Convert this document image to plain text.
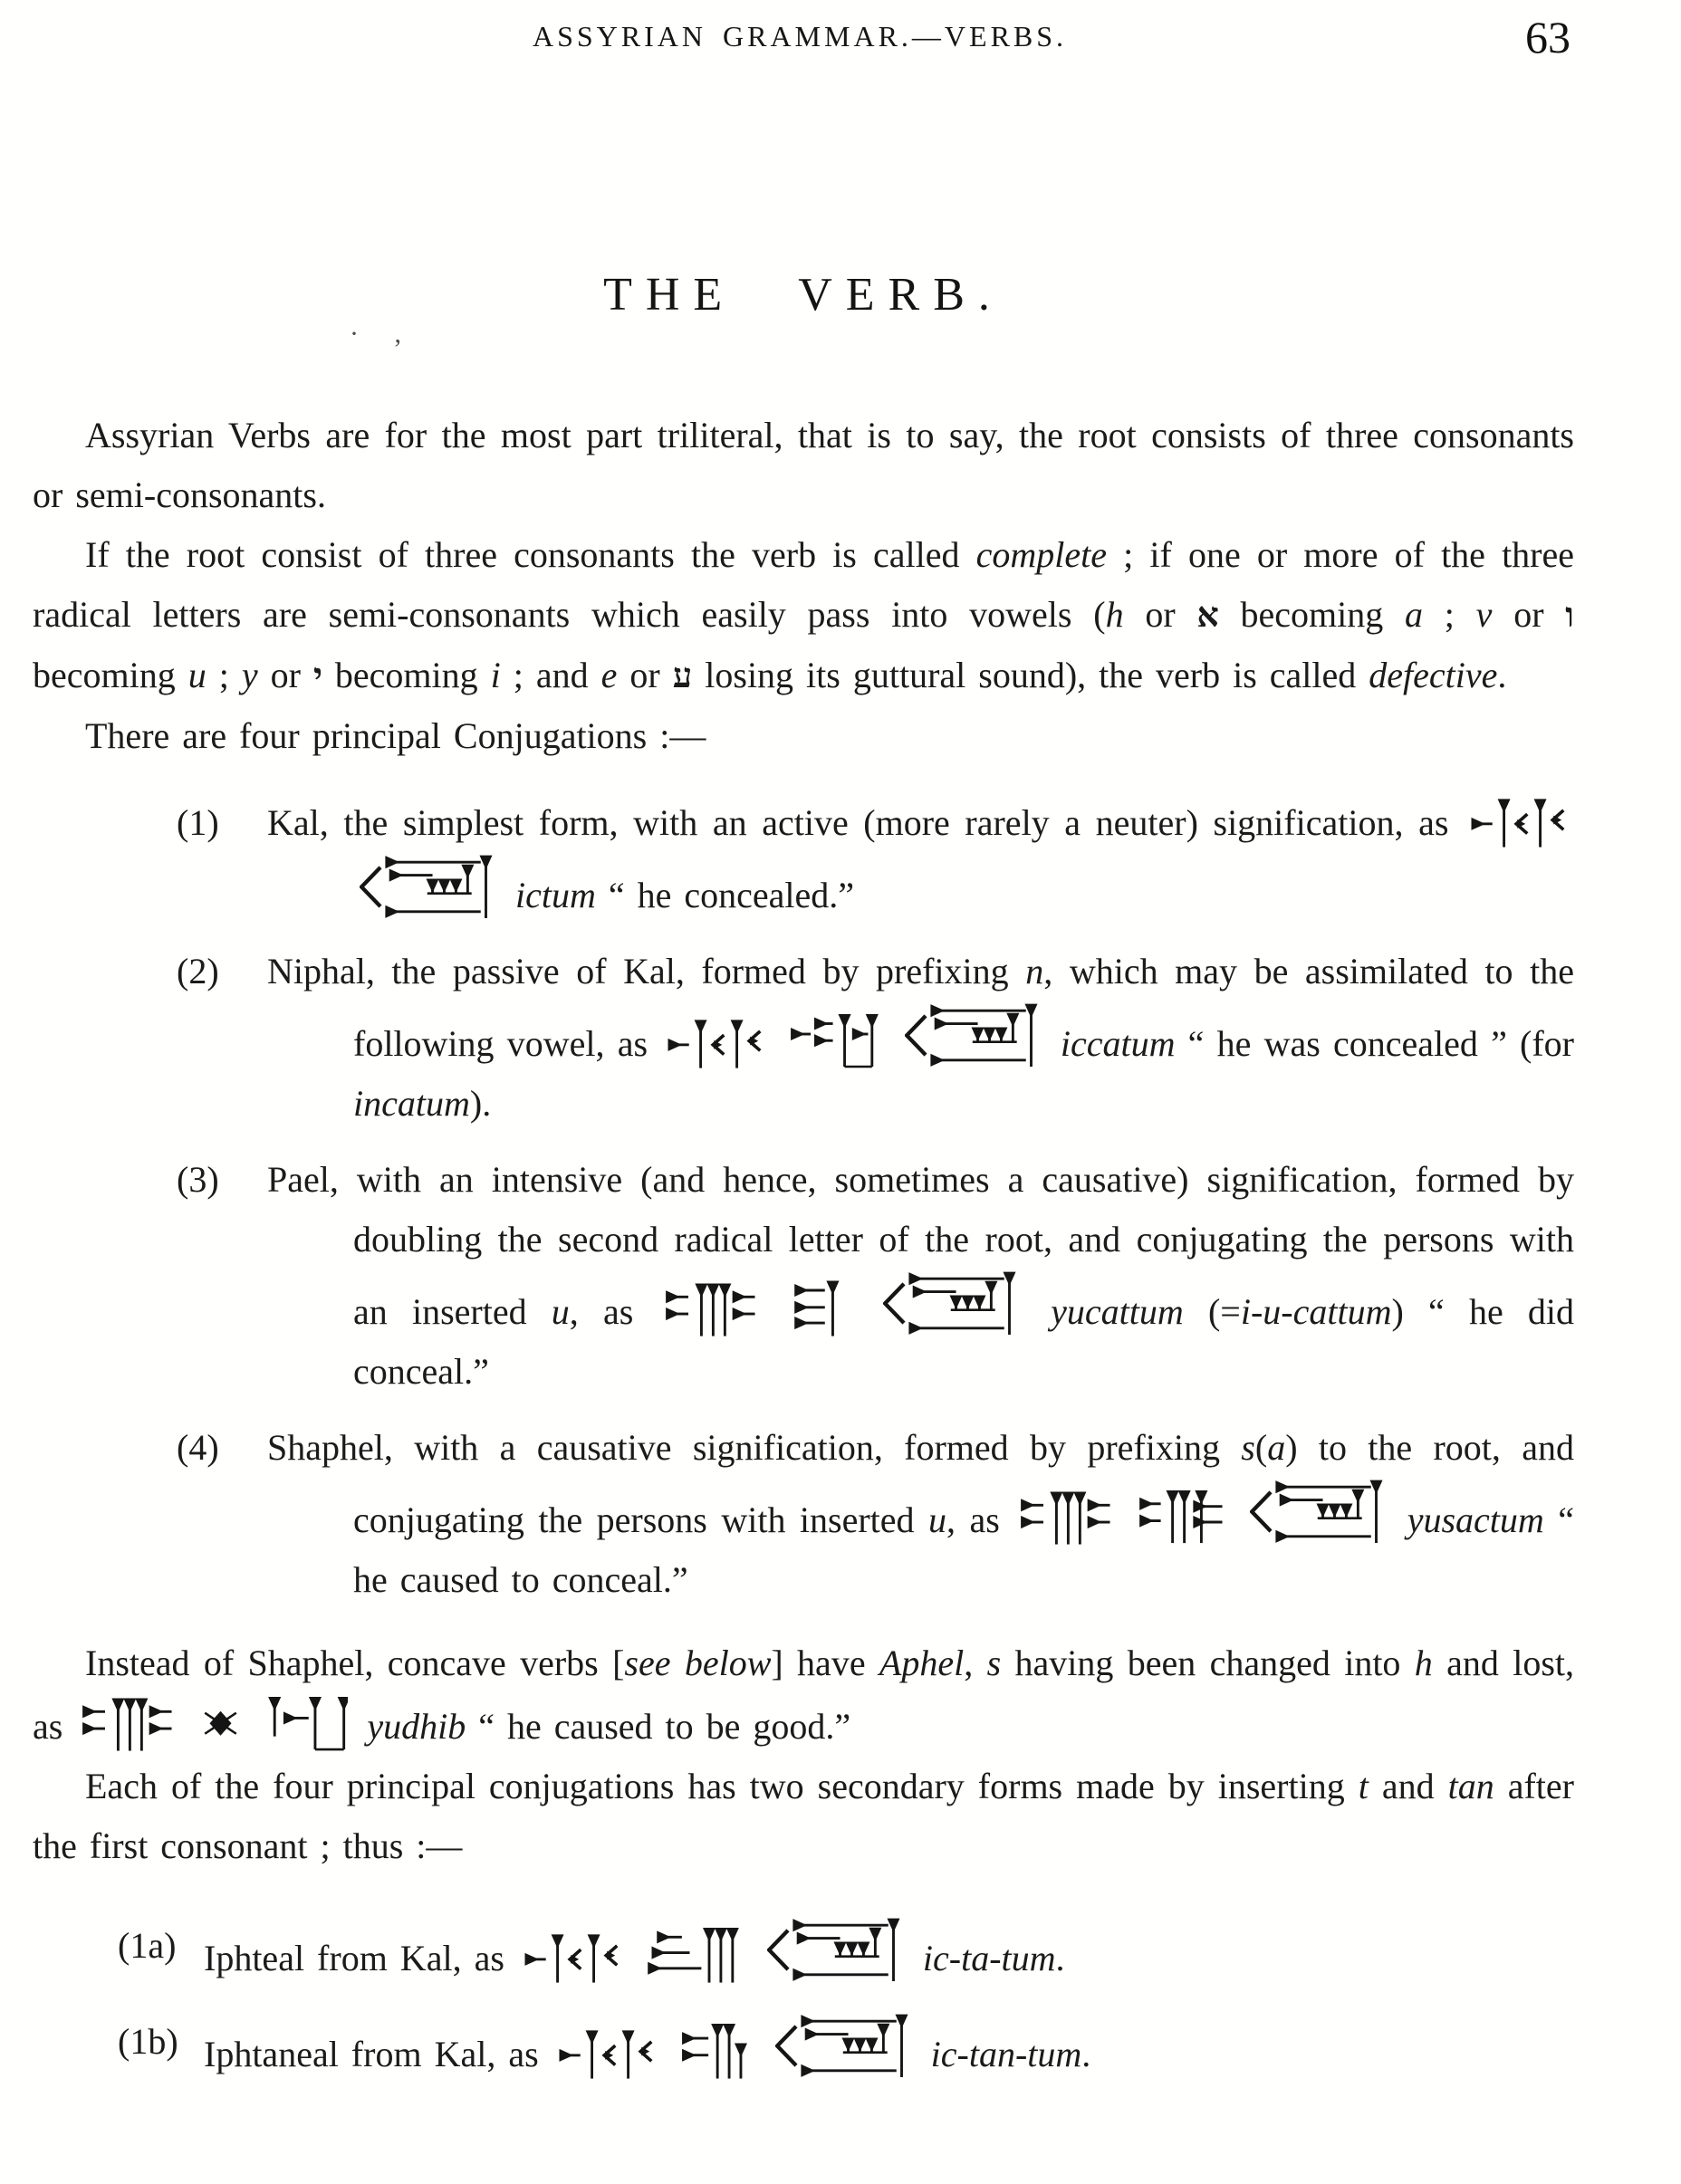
ASSYRIAN GRAMMAR.—VERBS.	63
· ,
THE VERB.

Assyrian Verbs are for the most part triliteral, that is to say, the root consists of three consonants or semi-consonants.

If the root consist of three consonants the verb is called complete ; if one or more of the three radical letters are semi-consonants which easily pass into vowels (h or א becoming a ; v or ו becoming u ; y or י becoming i ; and e or ע losing its guttural sound), the verb is called defective.

There are four principal Conjugations :—

(1) Kal, the simplest form, with an active (more rarely a neuter) signification, as   ictum “ he concealed.”
(2) Niphal, the passive of Kal, formed by prefixing n, which may be assimilated to the following vowel, as	iccatum “ he was concealed ” (for incatum).
(3) Pael, with an intensive (and hence, sometimes a causative) signification, formed by doubling the second radical letter of the root, and conjugating the persons with an inserted u, as	yucattum (=i-u-cattum) “ he did conceal.”
(4) Shaphel, with a causative signification, formed by prefixing s(a) to the root, and conjugating the persons with inserted u, as	yusactum “ he caused to conceal.”

Instead of Shaphel, concave verbs [see below] have Aphel, s having been changed into h and lost, as	yudhib “ he caused to be good.”

Each of the four principal conjugations has two secondary forms made by inserting t and tan after the first consonant ; thus :—

(1a) Iphteal from Kal, as	ic-ta-tum.
(1b) Iphtaneal from Kal, as	ic-tan-tum.
